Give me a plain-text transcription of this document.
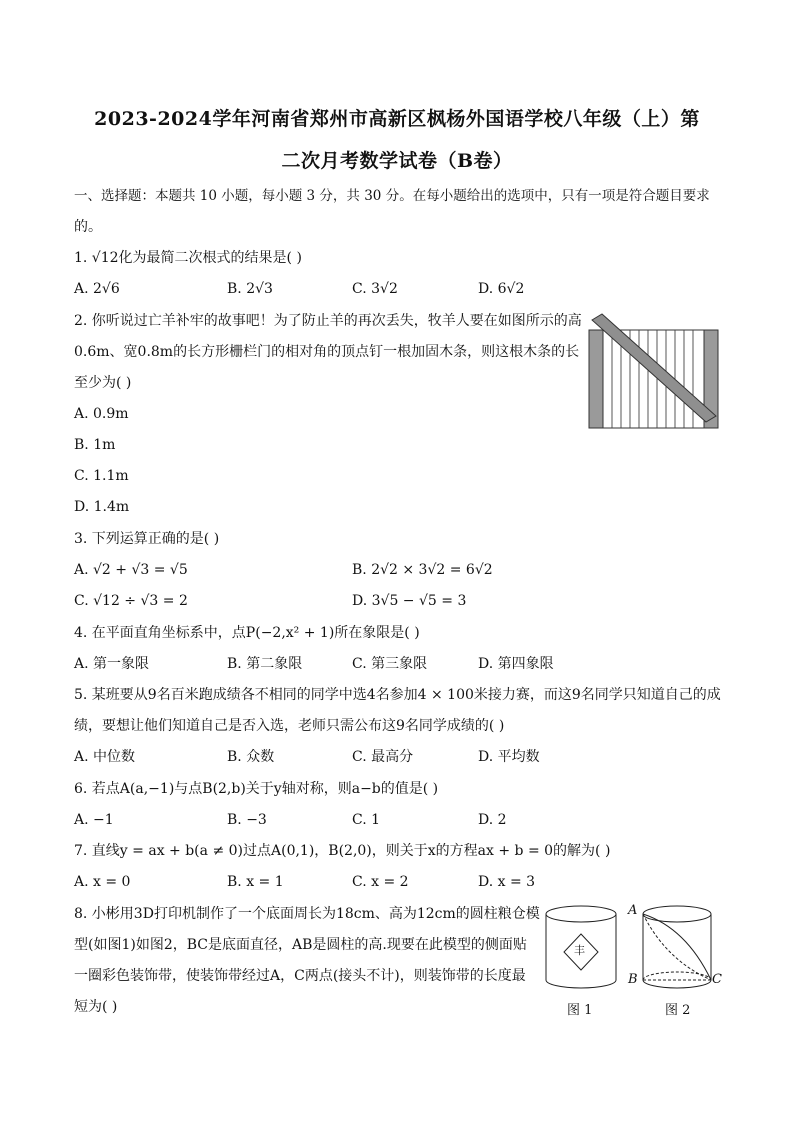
2023-2024学年河南省郑州市高新区枫杨外国语学校八年级（上）第
二次月考数学试卷（B卷）
一、选择题：本题共 10 小题，每小题 3 分，共 30 分。在每小题给出的选项中，只有一项是符合题目要求
的。
1. √12化为最简二次根式的结果是( )
A. 2√6	B. 2√3	C. 3√2	D. 6√2
2. 你听说过亡羊补牢的故事吧！为了防止羊的再次丢失，牧羊人要在如图所示的高
0.6m、宽0.8m的长方形栅栏门的相对角的顶点钉一根加固木条，则这根木条的长
至少为( )
A. 0.9m
B. 1m
C. 1.1m
D. 1.4m
3. 下列运算正确的是( )
A. √2 + √3 = √5	B. 2√2 × 3√2 = 6√2
C. √12 ÷ √3 = 2	D. 3√5 − √5 = 3
4. 在平面直角坐标系中，点P(−2,x² + 1)所在象限是( )
A. 第一象限	B. 第二象限	C. 第三象限	D. 第四象限
5. 某班要从9名百米跑成绩各不相同的同学中选4名参加4 × 100米接力赛，而这9名同学只知道自己的成
绩，要想让他们知道自己是否入选，老师只需公布这9名同学成绩的( )
A. 中位数	B. 众数	C. 最高分	D. 平均数
6. 若点A(a,−1)与点B(2,b)关于y轴对称，则a−b的值是( )
A. −1	B. −3	C. 1	D. 2
7. 直线y = ax + b(a ≠ 0)过点A(0,1)，B(2,0)，则关于x的方程ax + b = 0的解为( )
A. x = 0	B. x = 1	C. x = 2	D. x = 3
8. 小彬用3D打印机制作了一个底面周长为18cm、高为12cm的圆柱粮仓模
型(如图1)如图2，BC是底面直径，AB是圆柱的高.现要在此模型的侧面贴
一圈彩色装饰带，使装饰带经过A，C两点(接头不计)，则装饰带的长度最
短为( )
丰
图 1
A
B	C
图 2
